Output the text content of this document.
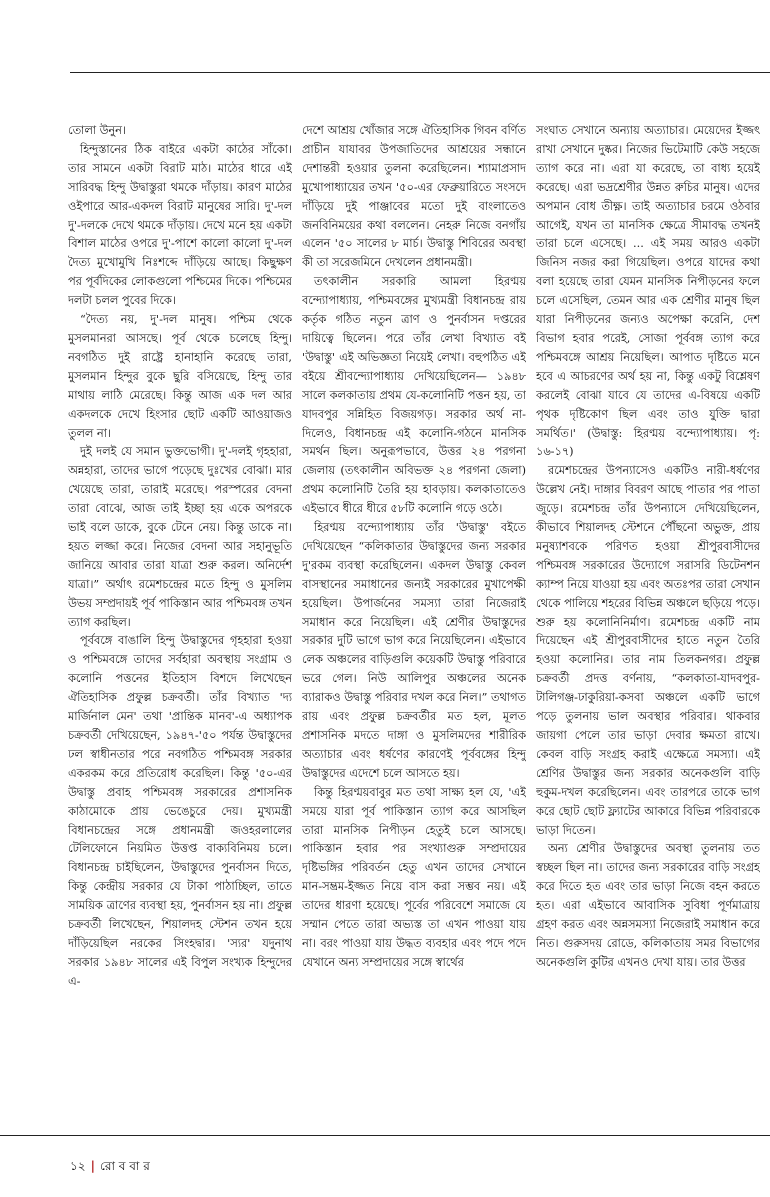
তোলা উনুন।

হিন্দুস্তানের ঠিক বাইরে একটা কাঠের সাঁকো। তার সামনে একটা বিরাট মাঠ। মাঠের ধারে এই সারিবদ্ধ হিন্দু উদ্বাস্তুরা থমকে দাঁড়ায়। কারণ মাঠের ওইপারে আর-একদল বিরাট মানুষের সারি। দু'-দল দু'-দলকে দেখে থমকে দাঁড়ায়। দেখে মনে হয় একটা বিশাল মাঠের ওপরে দু'-পাশে কালো কালো দু'-দল দৈত্য মুখোমুখি নিঃশব্দে দাঁড়িয়ে আছে। কিছুক্ষণ পর পূর্বদিকের লোকগুলো পশ্চিমের দিকে। পশ্চিমের দলটা চলল পুবের দিকে।

“দৈত্য নয়, দু'-দল মানুষ। পশ্চিম থেকে মুসলমানরা আসছে। পূর্ব থেকে চলেছে হিন্দু। নবগঠিত দুই রাষ্ট্রে হানাহানি করেছে তারা, মুসলমান হিন্দুর বুকে ছুরি বসিয়েছে, হিন্দু তার মাথায় লাঠি মেরেছে। কিন্তু আজ এক দল আর একদলকে দেখে হিংসার ছোট একটি আওয়াজও তুলল না।

দুই দলই যে সমান ভুক্তভোগী। দু'-দলই গৃহহারা, অন্নহারা, তাদের ভাগে পড়েছে দুঃখের বোঝা। মার খেয়েছে তারা, তারাই মরেছে। পরস্পরের বেদনা তারা বোঝে, আজ তাই ইচ্ছা হয় একে অপরকে ভাই বলে ডাকে, বুকে টেনে নেয়। কিন্তু ডাকে না। হয়ত লজ্জা করে। নিজের বেদনা আর সহানুভূতি জানিয়ে আবার তারা যাত্রা শুরু করল। অনির্দেশ যাত্রা।” অর্থাৎ রমেশচন্দ্রের মতে হিন্দু ও মুসলিম উভয় সম্প্রদায়ই পূর্ব পাকিস্তান আর পশ্চিমবঙ্গ তখন ত্যাগ করছিল।

পূর্ববঙ্গে বাঙালি হিন্দু উদ্বাস্তুদের গৃহহারা হওয়া ও পশ্চিমবঙ্গে তাদের সর্বহারা অবস্থায় সংগ্রাম ও কলোনি পত্তনের ইতিহাস বিশদে লিখেছেন ঐতিহাসিক প্রফুল্ল চক্রবর্তী। তাঁর বিখ্যাত 'দ্য মার্জিনাল মেন' তথা 'প্রান্তিক মানব'-এ অধ্যাপক চক্রবর্তী দেখিয়েছেন, ১৯৪৭-'৫০ পর্যন্ত উদ্বাস্তুদের ঢল স্বাধীনতার পরে নবগঠিত পশ্চিমবঙ্গ সরকার একরকম করে প্রতিরোধ করেছিল। কিন্তু '৫০-এর উদ্বাস্তু প্রবাহ পশ্চিমবঙ্গ সরকারের প্রশাসনিক কাঠামোকে প্রায় ভেঙেচুরে দেয়। মুখ্যমন্ত্রী বিধানচন্দ্রের সঙ্গে প্রধানমন্ত্রী জওহরলালের টেলিফোনে নিয়মিত উত্তপ্ত বাক্যবিনিময় চলে। বিধানচন্দ্র চাইছিলেন, উদ্বাস্তুদের পুনর্বাসন দিতে, কিন্তু কেন্দ্রীয় সরকার যে টাকা পাঠাচ্ছিল, তাতে সাময়িক ত্রাণের ব্যবস্থা হয়, পুনর্বাসন হয় না। প্রফুল্ল চক্রবর্তী লিখেছেন, শিয়ালদহ স্টেশন তখন হয়ে দাঁড়িয়েছিল নরকের সিংহদ্বার। 'স্যর' যদুনাথ সরকার ১৯৪৮ সালের এই বিপুল সংখ্যক হিন্দুদের এ-

দেশে আশ্রয় খোঁজার সঙ্গে ঐতিহাসিক গিবন বর্ণিত প্রাচীন যাযাবর উপজাতিদের আশ্রয়ের সন্ধানে দেশান্তরী হওয়ার তুলনা করেছিলেন। শ্যামাপ্রসাদ মুখোপাধ্যায়ের তখন '৫০-এর ফেব্রুয়ারিতে সংসদে দাঁড়িয়ে দুই পাঞ্জাবের মতো দুই বাংলাতেও জনবিনিময়ের কথা বললেন। নেহরু নিজে বনগাঁয় এলেন '৫০ সালের ৮ মার্চ। উদ্বাস্তু শিবিরের অবস্থা কী তা সরেজমিনে দেখলেন প্রধানমন্ত্রী।

তৎকালীন সরকারি আমলা হিরণ্ময় বন্দ্যোপাধ্যায়, পশ্চিমবঙ্গের মুখ্যমন্ত্রী বিধানচন্দ্র রায় কর্তৃক গঠিত নতুন ত্রাণ ও পুনর্বাসন দপ্তরের দায়িত্বে ছিলেন। পরে তাঁর লেখা বিখ্যাত বই 'উদ্বাস্তু' এই অভিজ্ঞতা নিয়েই লেখা। বহুপঠিত এই বইয়ে শ্রীবন্দ্যোপাধ্যায় দেখিয়েছিলেন— ১৯৪৮ সালে কলকাতায় প্রথম যে-কলোনিটি পত্তন হয়, তা যাদবপুর সন্নিহিত বিজয়গড়। সরকার অর্থ না-দিলেও, বিধানচন্দ্র এই কলোনি-গঠনে মানসিক সমর্থন ছিল। অনুরূপভাবে, উত্তর ২৪ পরগনা জেলায় (তৎকালীন অবিভক্ত ২৪ পরগনা জেলা) প্রথম কলোনিটি তৈরি হয় হাবড়ায়। কলকাতাতেও এইভাবে ধীরে ধীরে ৫৮টি কলোনি গড়ে ওঠে।

হিরণ্ময় বন্দ্যোপাধ্যায় তাঁর 'উদ্বাস্তু' বইতে দেখিয়েছেন “কলিকাতার উদ্বাস্তুদের জন্য সরকার দু'রকম ব্যবস্থা করেছিলেন। একদল উদ্বাস্তু কেবল বাসস্থানের সমাধানের জন্যই সরকারের মুখাপেক্ষী হয়েছিল। উপার্জনের সমস্যা তারা নিজেরাই সমাধান করে নিয়েছিল। এই শ্রেণীর উদ্বাস্তুদের সরকার দুটি ভাগে ভাগ করে নিয়েছিলেন। এইভাবে লেক অঞ্চলের বাড়িগুলি কয়েকটি উদ্বাস্তু পরিবারে ভরে গেল। নিউ আলিপুর অঞ্চলের অনেক ব্যারাকও উদ্বাস্তু পরিবার দখল করে নিল।” তথাগত রায় এবং প্রফুল্ল চক্রবর্তীর মত হল, মূলত প্রশাসনিক মদতে দাঙ্গা ও মুসলিমদের শারীরিক অত্যাচার এবং ধর্ষণের কারণেই পূর্ববঙ্গের হিন্দু উদ্বাস্তুদের এদেশে চলে আসতে হয়।

কিন্তু হিরণ্ময়বাবুর মত তথা সাক্ষ্য হল যে, 'এই সময়ে যারা পূর্ব পাকিস্তান ত্যাগ করে আসছিল তারা মানসিক নিপীড়ন হেতুই চলে আসছে। পাকিস্তান হবার পর সংখ্যাগুরু সম্প্রদায়ের দৃষ্টিভঙ্গির পরিবর্তন হেতু এখন তাদের সেখানে মান-সম্ভ্রম-ইজ্জত নিয়ে বাস করা সম্ভব নয়। এই তাদের ধারণা হয়েছে। পূর্বের পরিবেশে সমাজে যে সম্মান পেতে তারা অভ্যস্ত তা এখন পাওয়া যায় না। বরং পাওয়া যায় উদ্ধত ব্যবহার এবং পদে পদে যেখানে অন্য সম্প্রদায়ের সঙ্গে স্বার্থের

সংঘাত সেখানে অন্যায় অত্যাচার। মেয়েদের ইজ্জৎ রাখা সেখানে দুষ্কর। নিজের ভিটেমাটি কেউ সহজে ত্যাগ করে না। এরা যা করেছে, তা বাধ্য হয়েই করেছে। এরা ভদ্রশ্রেণীর উন্নত রুচির মানুষ। এদের অপমান বোধ তীক্ষ্ণ। তাই অত্যাচার চরমে ওঠবার আগেই, যখন তা মানসিক ক্ষেত্রে সীমাবদ্ধ তখনই তারা চলে এসেছে। ... এই সময় আরও একটা জিনিস নজর করা গিয়েছিল। ওপরে যাদের কথা বলা হয়েছে তারা যেমন মানসিক নিপীড়নের ফলে চলে এসেছিল, তেমন আর এক শ্রেণীর মানুষ ছিল যারা নিপীড়নের জন্যও অপেক্ষা করেনি, দেশ বিভাগ হবার পরেই, সোজা পূর্ববঙ্গ ত্যাগ করে পশ্চিমবঙ্গে আশ্রয় নিয়েছিল। আপাত দৃষ্টিতে মনে হবে এ আচরণের অর্থ হয় না, কিন্তু একটু বিশ্লেষণ করলেই বোঝা যাবে যে তাদের এ-বিষয়ে একটি পৃথক দৃষ্টিকোণ ছিল এবং তাও যুক্তি দ্বারা সমর্থিত।' (উদ্বাস্তু: হিরণ্ময় বন্দ্যোপাধ্যায়। পৃ: ১৬-১৭)

রমেশচন্দ্রের উপন্যাসেও একটিও নারী-ধর্ষণের উল্লেখ নেই। দাঙ্গার বিবরণ আছে পাতার পর পাতা জুড়ে। রমেশচন্দ্র তাঁর উপন্যাসে দেখিয়েছিলেন, কীভাবে শিয়ালদহ স্টেশনে পৌঁছনো অভুক্ত, প্রায় মনুষ্যাশবকে পরিণত হওয়া শ্রীপুরবাসীদের পশ্চিমবঙ্গ সরকারের উদ্যোগে সরাসরি ডিটেনশন ক্যাম্প নিয়ে যাওয়া হয় এবং অতঃপর তারা সেখান থেকে পালিয়ে শহরের বিভিন্ন অঞ্চলে ছড়িয়ে পড়ে। শুরু হয় কলোনিনির্মাণ। রমেশচন্দ্র একটি নাম দিয়েছেন এই শ্রীপুরবাসীদের হাতে নতুন তৈরি হওয়া কলোনির। তার নাম তিলকনগর। প্রফুল্ল চক্রবর্তী প্রদত্ত বর্ণনায়, “কলকাতা-যাদবপুর-টালিগঞ্জ-ঢাকুরিয়া-কসবা অঞ্চলে একটি ভাগে পড়ে তুলনায় ভাল অবস্থার পরিবার। থাকবার জায়গা পেলে তার ভাড়া দেবার ক্ষমতা রাখে। কেবল বাড়ি সংগ্রহ করাই এক্ষেত্রে সমস্যা। এই শ্রেণির উদ্বাস্তুর জন্য সরকার অনেকগুলি বাড়ি হুকুম-দখল করেছিলেন। এবং তারপরে তাকে ভাগ করে ছোট ছোট ফ্ল্যাটের আকারে বিভিন্ন পরিবারকে ভাড়া দিতেন।

অন্য শ্রেণীর উদ্বাস্তুদের অবস্থা তুলনায় তত স্বচ্ছল ছিল না। তাদের জন্য সরকারের বাড়ি সংগ্রহ করে দিতে হত এবং তার ভাড়া নিজে বহন করতে হত। এরা এইভাবে আবাসিক সুবিধা পূর্ণমাত্রায় গ্রহণ করত এবং অন্নসমস্যা নিজেরাই সমাধান করে নিত। গুরুসদয় রোডে, কলিকাতায় সমর বিভাগের অনেকগুলি কুটির এখনও দেখা যায়। তার উত্তর

১২ | রো ব বা র
